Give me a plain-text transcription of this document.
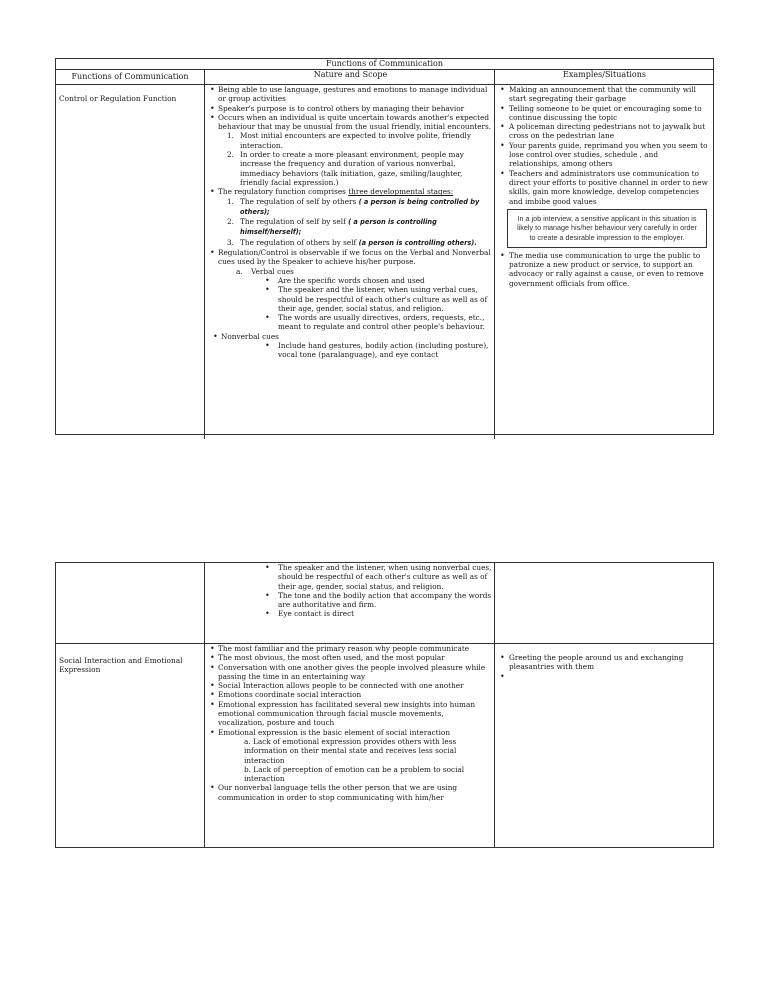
Functions of Communication
Functions of Communication	Nature and Scope	Examples/Situations
Control or Regulation Function
• Being able to use language, gestures and emotions to manage individual or group activities
• Speaker's purpose is to control others by managing their behavior
• Occurs when an individual is quite uncertain towards another's expected behaviour that may be unusual from the usual friendly, initial encounters.
1. Most initial encounters are expected to involve polite, friendly interaction.
2. In order to create a more pleasant environment, people may increase the frequency and duration of various nonverbal, immediacy behaviors (talk initiation, gaze, smiling/laughter, friendly facial expression.)
• The regulatory function comprises three developmental stages:
1. The regulation of self by others ( a person is being controlled by others);
2. The regulation of self by self ( a person is controlling himself/herself);
3. The regulation of others by self (a person is controlling others).
• Regulation/Control is observable if we focus on the Verbal and Nonverbal cues used by the Speaker to achieve his/her purpose.
a. Verbal cues
• Are the specific words chosen and used
• The speaker and the listener, when using verbal cues, should be respectful of each other's culture as well as of their age, gender, social status, and religion.
• The words are usually directives, orders, requests, etc., meant to regulate and control other people's behaviour.
• Nonverbal cues
• Include hand gestures, bodily action (including posture), vocal tone (paralanguage), and eye contact
• Making an announcement that the community will start segregating their garbage
• Telling someone to be quiet or encouraging some to continue discussing the topic
• A policeman directing pedestrians not to jaywalk but cross on the pedestrian lane
• Your parents guide, reprimand you when you seem to lose control over studies, schedule , and relationships, among others
• Teachers and administrators use communication to direct your efforts to positive channel in order to new skills, gain more knowledge, develop competencies and imbibe good values
In a job interview, a sensitive applicant in this situation is likely to manage his/her behaviour very carefully in order to create a desirable impression to the employer.
• The media use communication to urge the public to patronize a new product or service, to support an advocacy or rally against a cause, or even to remove government officials from office.
• The speaker and the listener, when using nonverbal cues, should be respectful of each other's culture as well as of their age, gender, social status, and religion.
• The tone and the bodily action that accompany the words are authoritative and firm.
• Eye contact is direct
Social Interaction and Emotional Expression
• The most familiar and the primary reason why people communicate
• The most obvious, the most often used, and the most popular
• Conversation with one another gives the people involved pleasure while passing the time in an entertaining way
• Social Interaction allows people to be connected with one another
• Emotions coordinate social interaction
• Emotional expression has facilitated several new insights into human emotional communication through facial muscle movements, vocalization, posture and touch
• Emotional expression is the basic element of social interaction
a. Lack of emotional expression provides others with less information on their mental state and receives less social interaction
b. Lack of perception of emotion can be a problem to social interaction
• Our nonverbal language tells the other person that we are using communication in order to stop communicating with him/her
• Greeting the people around us and exchanging pleasantries with them
•
